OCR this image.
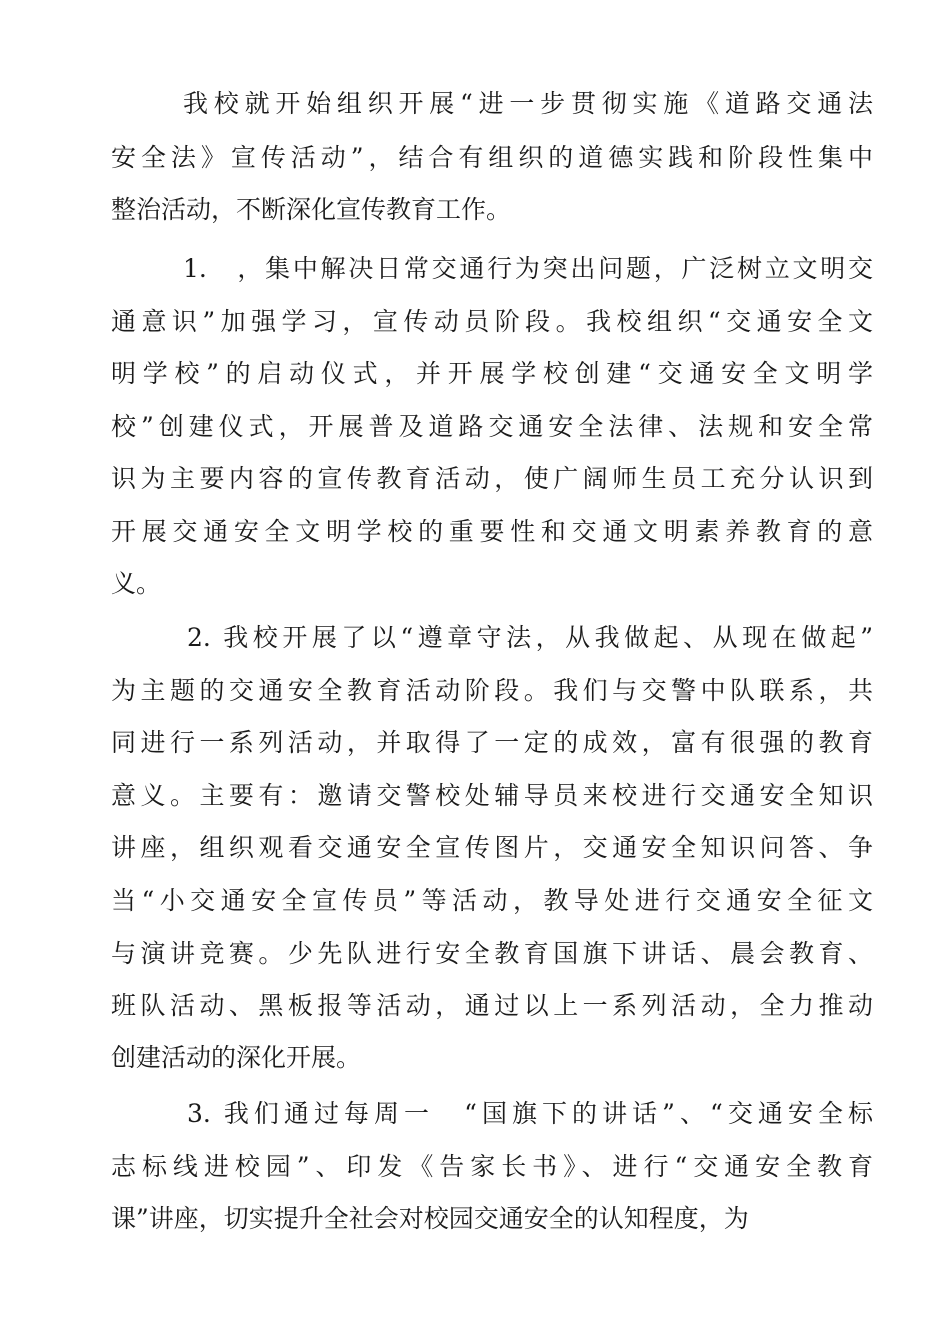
我校就开始组织开展“进一步贯彻实施《道路交通法
安全法》宣传活动”，结合有组织的道德实践和阶段性集中
整治活动，不断深化宣传教育工作。
1.　，集中解决日常交通行为突出问题，广泛树立文明交
通意识”加强学习，宣传动员阶段。我校组织“交通安全文
明学校”的启动仪式，并开展学校创建“交通安全文明学
校”创建仪式，开展普及道路交通安全法律、法规和安全常
识为主要内容的宣传教育活动，使广阔师生员工充分认识到
开展交通安全文明学校的重要性和交通文明素养教育的意
义。
2. 我校开展了以“遵章守法，从我做起、从现在做起”
为主题的交通安全教育活动阶段。我们与交警中队联系，共
同进行一系列活动，并取得了一定的成效，富有很强的教育
意义。主要有：邀请交警校处辅导员来校进行交通安全知识
讲座，组织观看交通安全宣传图片，交通安全知识问答、争
当“小交通安全宣传员”等活动，教导处进行交通安全征文
与演讲竞赛。少先队进行安全教育国旗下讲话、晨会教育、
班队活动、黑板报等活动，通过以上一系列活动，全力推动
创建活动的深化开展。
3. 我们通过每周一　“国旗下的讲话”、“交通安全标
志标线进校园”、印发《告家长书》、进行“交通安全教育
课”讲座，切实提升全社会对校园交通安全的认知程度，为
